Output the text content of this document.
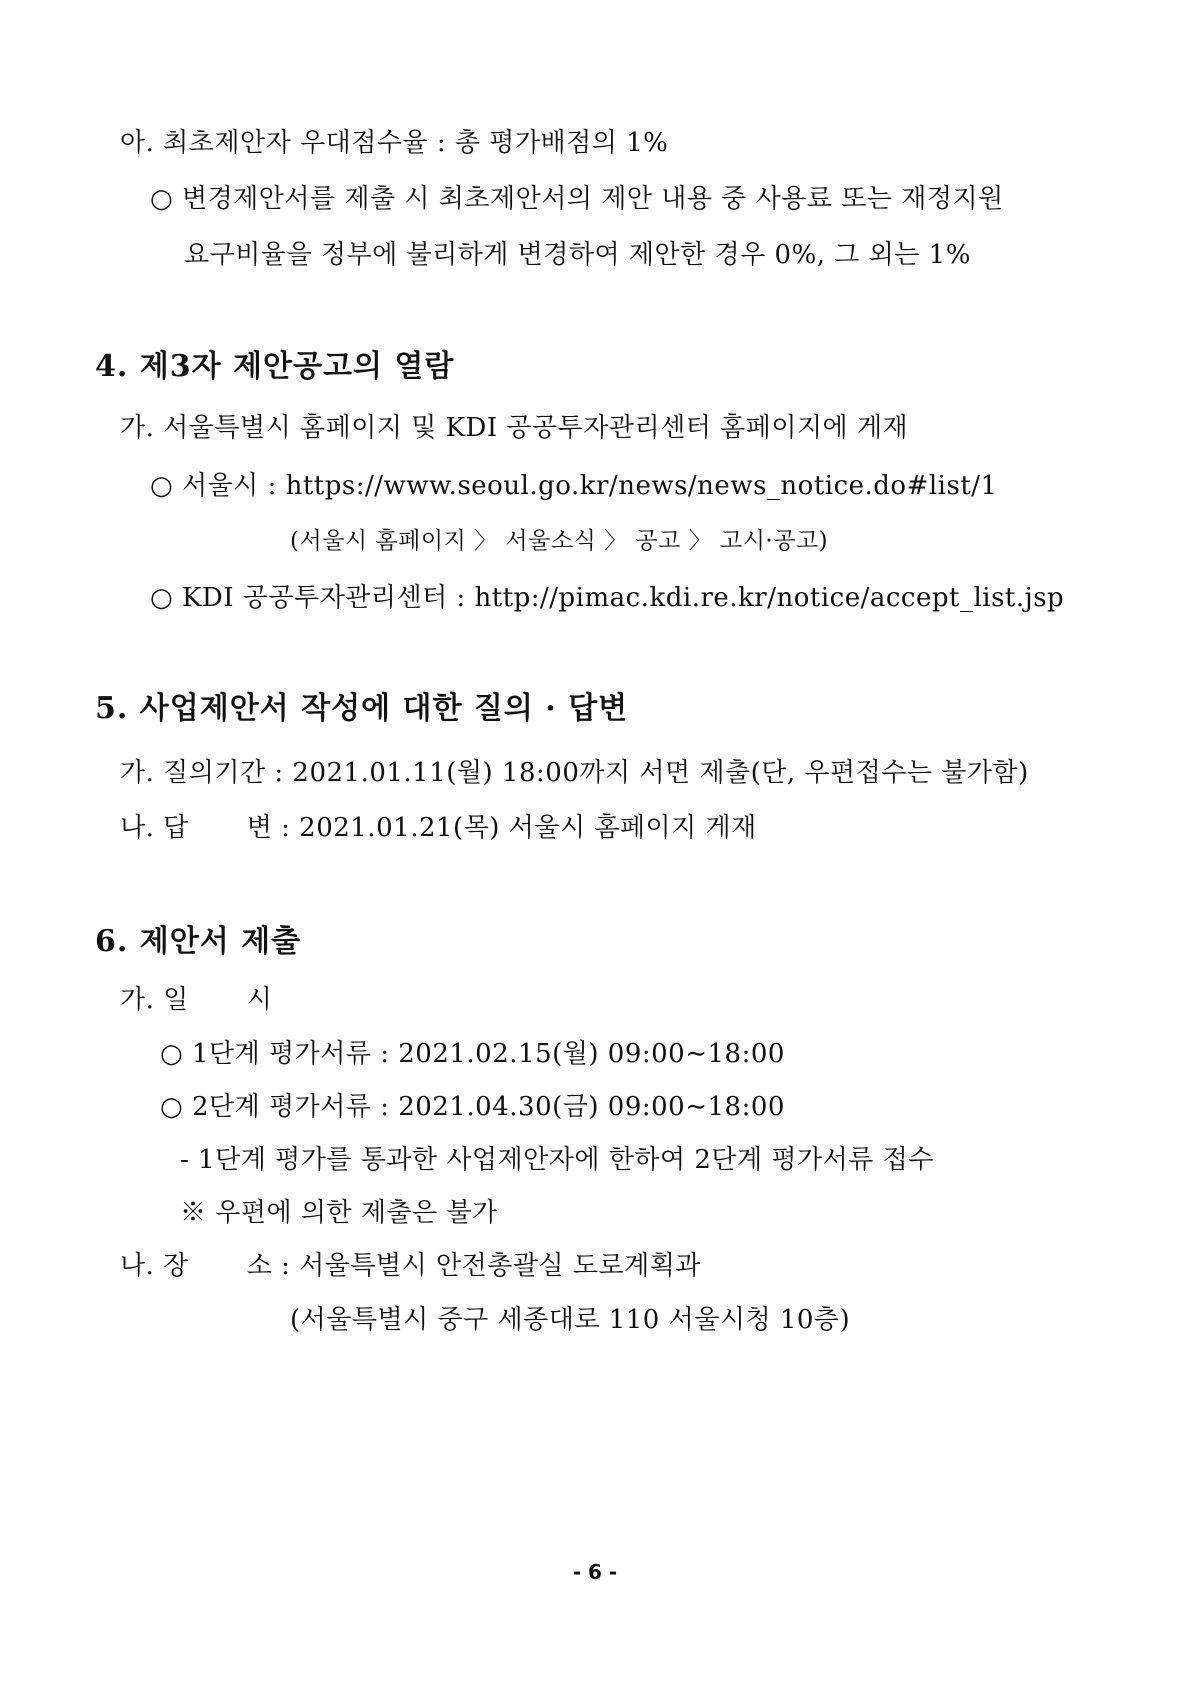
아. 최초제안자 우대점수율 : 총 평가배점의 1%
○ 변경제안서를 제출 시 최초제안서의 제안 내용 중 사용료 또는 재정지원
요구비율을 정부에 불리하게 변경하여 제안한 경우 0%, 그 외는 1%
4. 제3자 제안공고의 열람
가. 서울특별시 홈페이지 및 KDI 공공투자관리센터 홈페이지에 게재
○ 서울시 : https://www.seoul.go.kr/news/news_notice.do#list/1
(서울시 홈페이지 〉 서울소식 〉 공고 〉 고시·공고)
○ KDI 공공투자관리센터 : http://pimac.kdi.re.kr/notice/accept_list.jsp
5. 사업제안서 작성에 대한 질의 · 답변
가. 질의기간 : 2021.01.11(월) 18:00까지 서면 제출(단, 우편접수는 불가함)
나. 답 변 : 2021.01.21(목) 서울시 홈페이지 게재
6. 제안서 제출
가. 일 시
○ 1단계 평가서류 : 2021.02.15(월) 09:00∼18:00
○ 2단계 평가서류 : 2021.04.30(금) 09:00∼18:00
- 1단계 평가를 통과한 사업제안자에 한하여 2단계 평가서류 접수
※ 우편에 의한 제출은 불가
나. 장 소 : 서울특별시 안전총괄실 도로계획과
(서울특별시 중구 세종대로 110 서울시청 10층)
- 6 -
